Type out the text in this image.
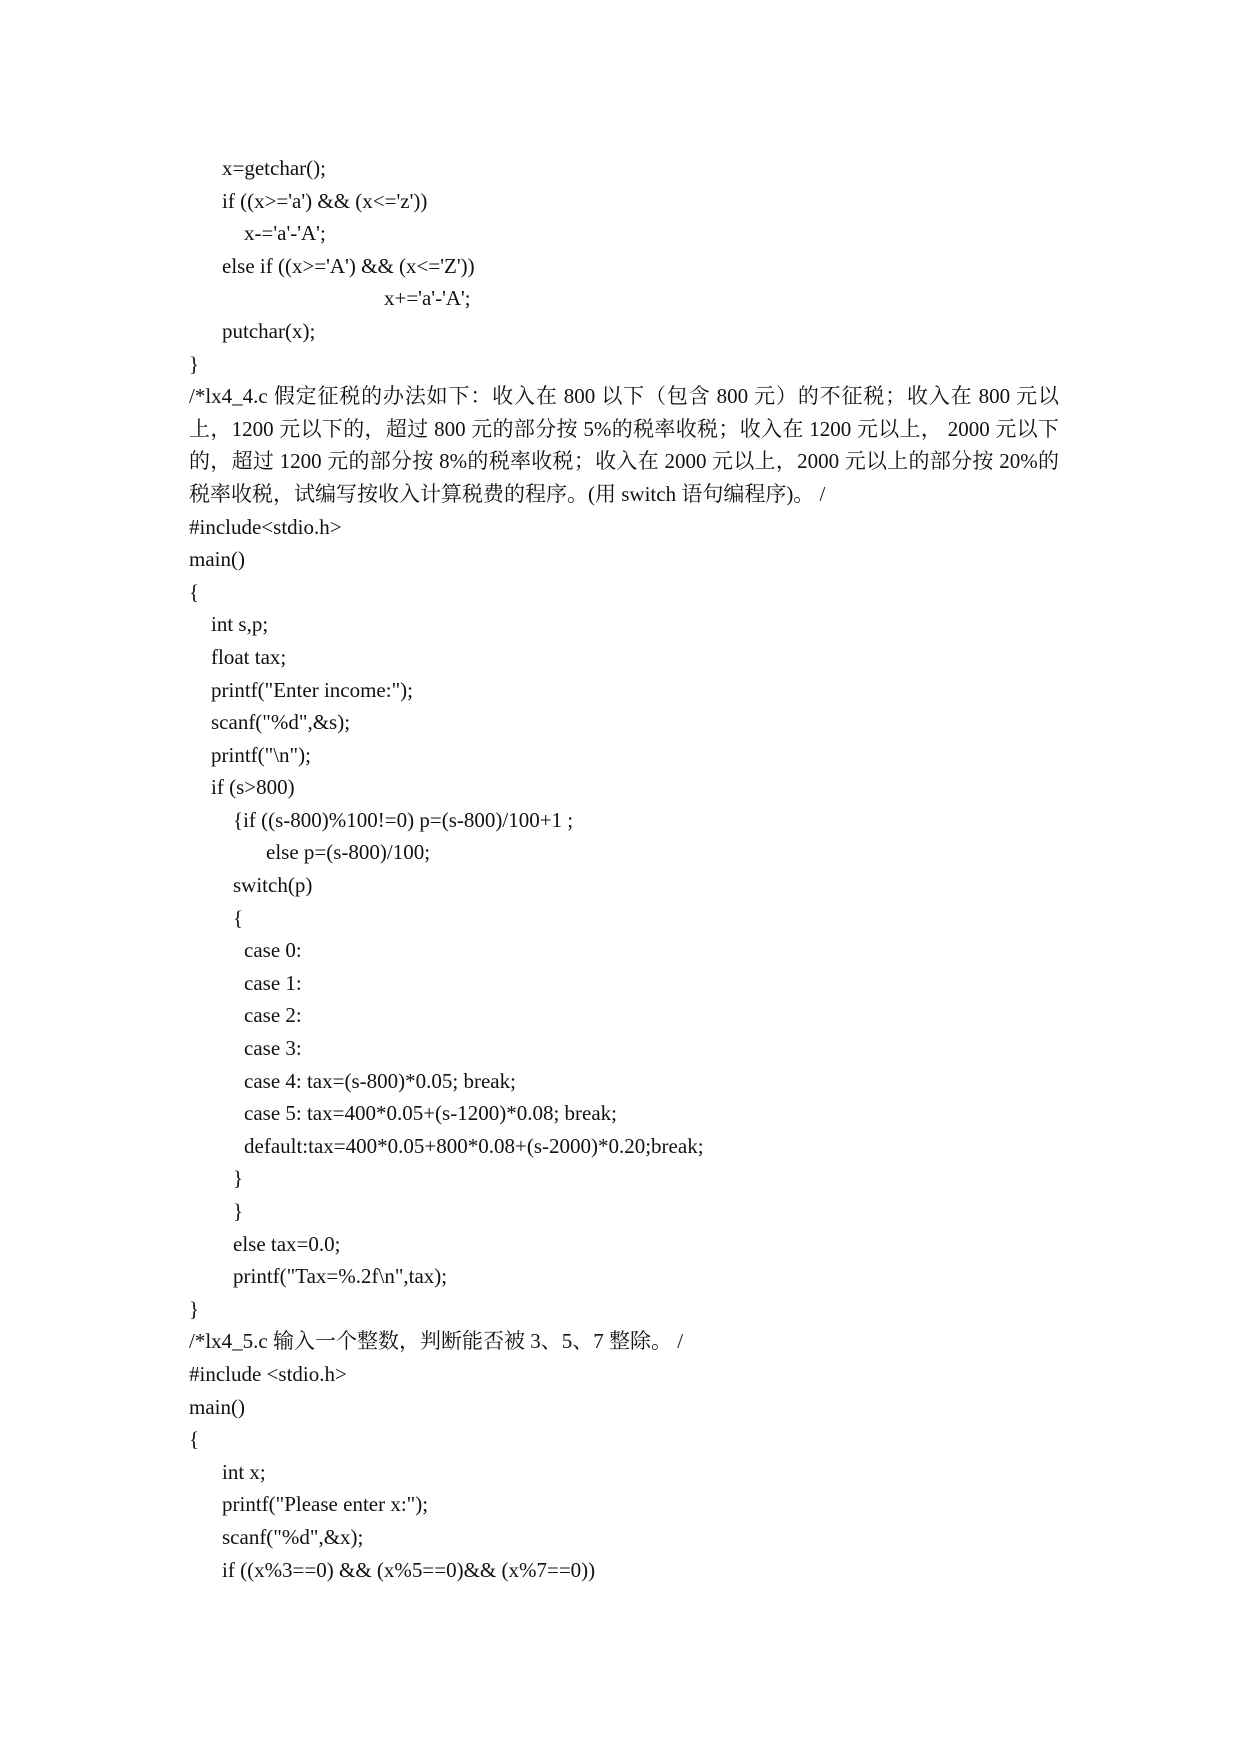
x=getchar();

if ((x>='a') && (x<='z'))

x-='a'-'A';

else if ((x>='A') && (x<='Z'))

x+='a'-'A';

putchar(x);

}

/*lx4_4.c 假定征税的办法如下：收入在 800 以下（包含 800 元）的不征税；收入在 800 元以上，1200 元以下的，超过 800 元的部分按 5%的税率收税；收入在 1200 元以上， 2000 元以下的，超过 1200 元的部分按 8%的税率收税；收入在 2000 元以上，2000 元以上的部分按 20%的税率收税，试编写按收入计算税费的程序。(用 switch 语句编程序)。 /

#include<stdio.h>

main()

{

int s,p;

float tax;

printf("Enter income:");

scanf("%d",&s);

printf("\n");

if (s>800)

{if ((s-800)%100!=0) p=(s-800)/100+1 ;

else p=(s-800)/100;

switch(p)

{

case 0:

case 1:

case 2:

case 3:

case 4: tax=(s-800)*0.05; break;

case 5: tax=400*0.05+(s-1200)*0.08; break;

default:tax=400*0.05+800*0.08+(s-2000)*0.20;break;

}

}

else tax=0.0;

printf("Tax=%.2f\n",tax);

}

/*lx4_5.c 输入一个整数，判断能否被 3、5、7 整除。 /

#include <stdio.h>

main()

{

int x;

printf("Please enter x:");

scanf("%d",&x);

if ((x%3==0) && (x%5==0)&& (x%7==0))
